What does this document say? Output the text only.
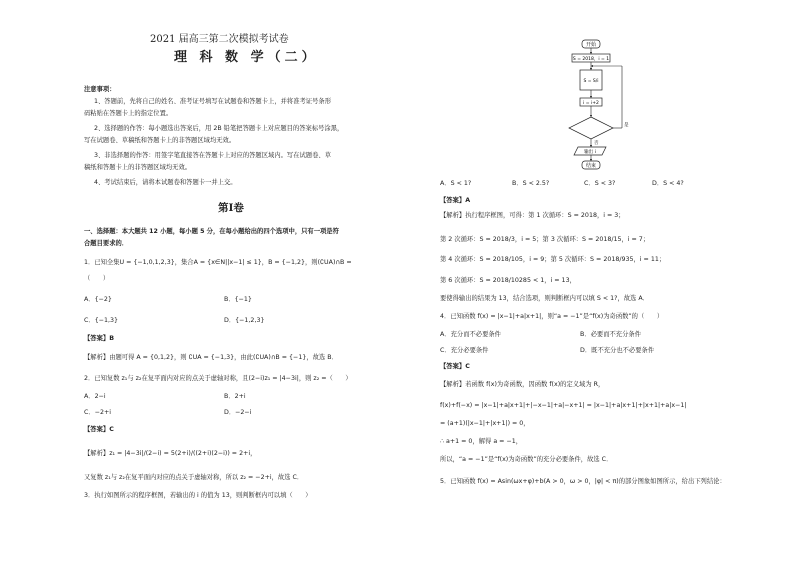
2021 届高三第二次模拟考试卷
理 科 数 学（二）
注意事项：
1、答题前，先将自己的姓名、准考证号填写在试题卷和答题卡上，并将准考证号条形
码粘贴在答题卡上的指定位置。
2、选择题的作答：每小题选出答案后，用 2B 铅笔把答题卡上对应题目的答案标号涂黑，
写在试题卷、草稿纸和答题卡上的非答题区域均无效。
3、非选择题的作答：用签字笔直接答在答题卡上对应的答题区域内。写在试题卷、草
稿纸和答题卡上的非答题区域均无效。
4、考试结束后，请将本试题卷和答题卡一并上交。
第Ⅰ卷
一、选择题：本大题共 12 小题，每小题 5 分，在每小题给出的四个选项中，只有一项是符
合题目要求的．
1．已知全集U = {−1,0,1,2,3}，集合A = {x∈N||x−1| ≤ 1}，B = {−1,2}，则(∁UA)∩B =
（　　）
A．{−2}	B．{−1}
C．{−1,3}	D．{−1,2,3}
【答案】B
【解析】由题可得 A = {0,1,2}，则 ∁UA = {−1,3}，由此(∁UA)∩B = {−1}，故选 B．
2．已知复数 z₁与 z₂在复平面内对应的点关于虚轴对称，且(2−i)z₁ = |4−3i|，则 z₂ =（　　）
A．2−i	B．2+i
C．−2+i	D．−2−i
【答案】C
【解析】z₁ = |4−3i|/(2−i) = 5(2+i)/((2+i)(2−i)) = 2+i，
又复数 z₁与 z₂在复平面内对应的点关于虚轴对称，所以 z₂ = −2+i，故选 C．
3．执行如图所示的程序框图，若输出的 i 的值为 13，则判断框内可以填（　　）
开始
S = 2018，i = 1
S = S/i
i = i+2
是
否
输出 i
结束
A．S < 1?	B．S < 2.5?	C．S < 3?	D．S < 4?
【答案】A
【解析】执行程序框图，可得：第 1 次循环：S = 2018，i = 3；
第 2 次循环：S = 2018/3，i = 5；第 3 次循环：S = 2018/15，i = 7；
第 4 次循环：S = 2018/105，i = 9；第 5 次循环：S = 2018/935，i = 11；
第 6 次循环：S = 2018/10285 < 1，i = 13，
要使得输出的结果为 13，结合选项，则判断框内可以填 S < 1?，故选 A．
4．已知函数 f(x) = |x−1|+a|x+1|，则“a = −1”是“f(x)为奇函数”的（　　）
A．充分而不必要条件	B．必要而不充分条件
C．充分必要条件	D．既不充分也不必要条件
【答案】C
【解析】若函数 f(x)为奇函数，因函数 f(x)的定义域为 R，
f(x)+f(−x) = |x−1|+a|x+1|+|−x−1|+a|−x+1| = |x−1|+a|x+1|+|x+1|+a|x−1|
= (a+1)(|x−1|+|x+1|) = 0，
∴ a+1 = 0，解得 a = −1，
所以，“a = −1”是“f(x)为奇函数”的充分必要条件，故选 C．
5．已知函数 f(x) = Asin(ωx+φ)+b(A > 0，ω > 0，|φ| < π)的部分图象如图所示，给出下列结论：
